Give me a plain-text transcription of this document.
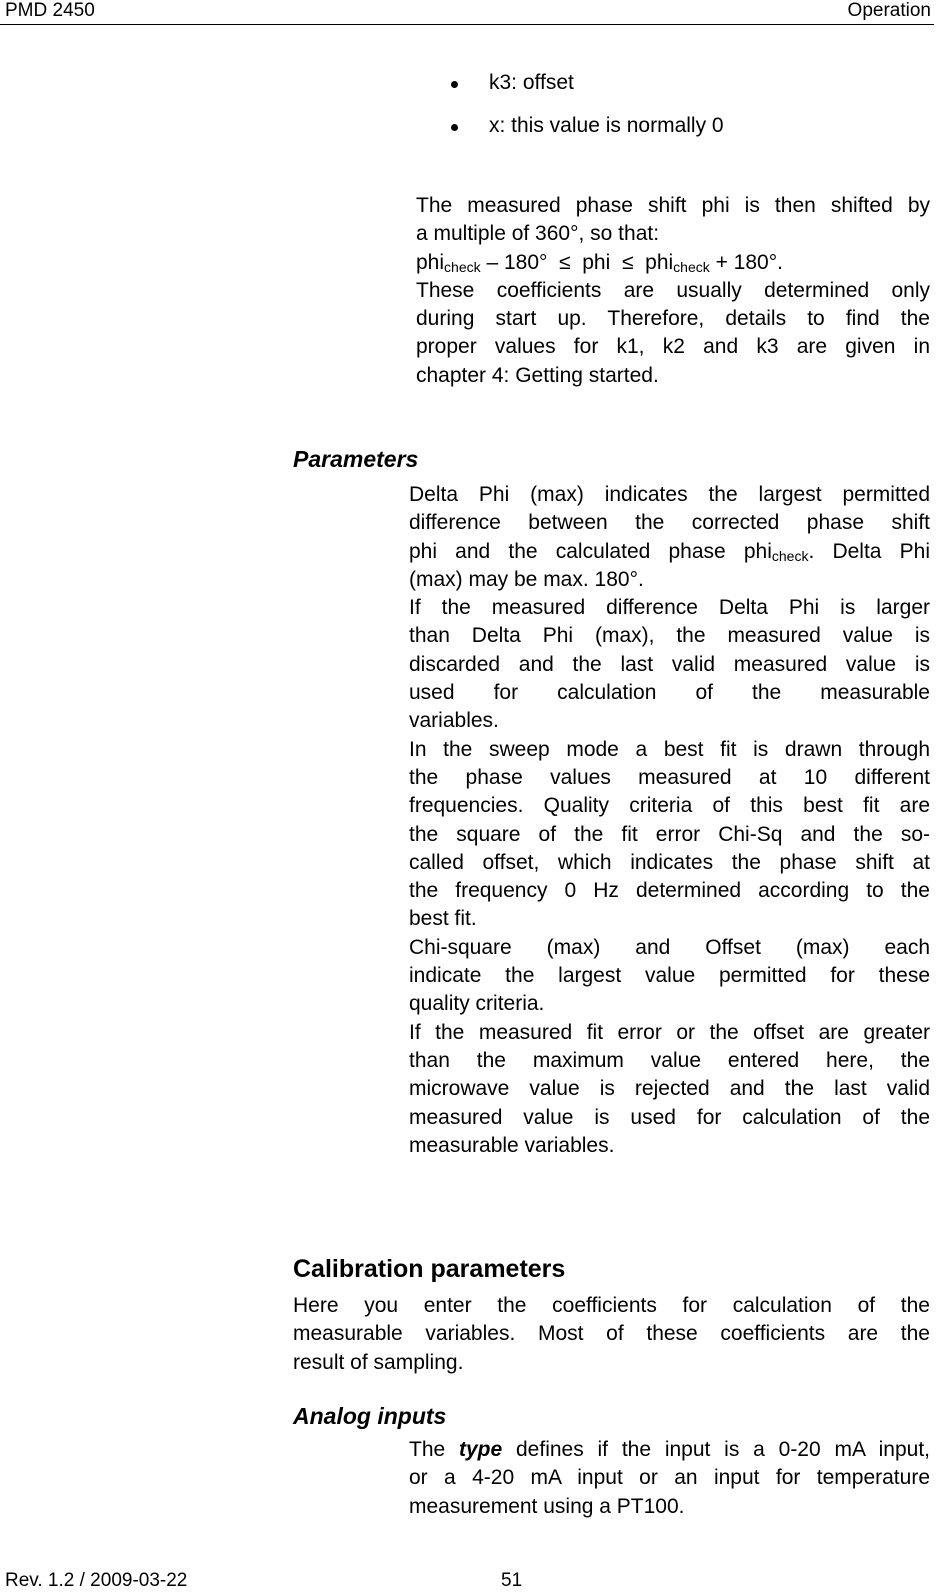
PMD 2450	Operation
k3: offset
x: this value is normally 0
The measured phase shift phi is then shifted by
a multiple of 360°, so that:
phi$_{check}$ – 180°  ≤  phi  ≤  phi$_{check}$ + 180°.
These coefficients are usually determined only
during start up. Therefore, details to find the
proper values for k1, k2 and k3 are given in
chapter 4: Getting started.
Parameters
Delta Phi (max) indicates the largest permitted
difference between the corrected phase shift
phi and the calculated phase phi$_{check}$. Delta Phi
(max) may be max. 180°.
If the measured difference Delta Phi is larger
than Delta Phi (max), the measured value is
discarded and the last valid measured value is
used for calculation of the measurable
variables.
In the sweep mode a best fit is drawn through
the phase values measured at 10 different
frequencies. Quality criteria of this best fit are
the square of the fit error Chi-Sq and the so-
called offset, which indicates the phase shift at
the frequency 0 Hz determined according to the
best fit.
Chi-square (max) and Offset (max) each
indicate the largest value permitted for these
quality criteria.
If the measured fit error or the offset are greater
than the maximum value entered here, the
microwave value is rejected and the last valid
measured value is used for calculation of the
measurable variables.
Calibration parameters
Here you enter the coefficients for calculation of the
measurable variables. Most of these coefficients are the
result of sampling.
Analog inputs
The type defines if the input is a 0-20 mA input,
or a 4-20 mA input or an input for temperature
measurement using a PT100.
Rev. 1.2 / 2009-03-22	51
